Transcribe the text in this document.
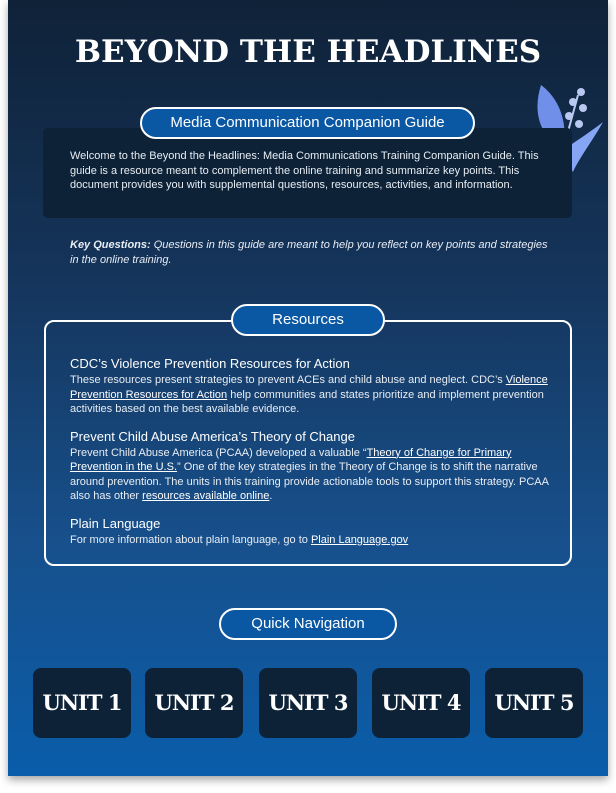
BEYOND THE HEADLINES

Welcome to the Beyond the Headlines: Media Communications Training Companion Guide. This guide is a resource meant to complement the online training and summarize key points. This document provides you with supplemental questions, resources, activities, and information.

Media Communication Companion Guide
Key Questions: Questions in this guide are meant to help you reflect on key points and strategies in the online training.
CDC’s Violence Prevention Resources for Action

These resources present strategies to prevent ACEs and child abuse and neglect. CDC’s Violence Prevention Resources for Action help communities and states prioritize and implement prevention activities based on the best available evidence.

Prevent Child Abuse America’s Theory of Change

Prevent Child Abuse America (PCAA) developed a valuable “Theory of Change for Primary Prevention in the U.S.” One of the key strategies in the Theory of Change is to shift the narrative around prevention. The units in this training provide actionable tools to support this strategy. PCAA also has other resources available online.

Plain Language

For more information about plain language, go to Plain Language.gov

Resources
Quick Navigation
UNIT 1	UNIT 2	UNIT 3	UNIT 4	UNIT 5
